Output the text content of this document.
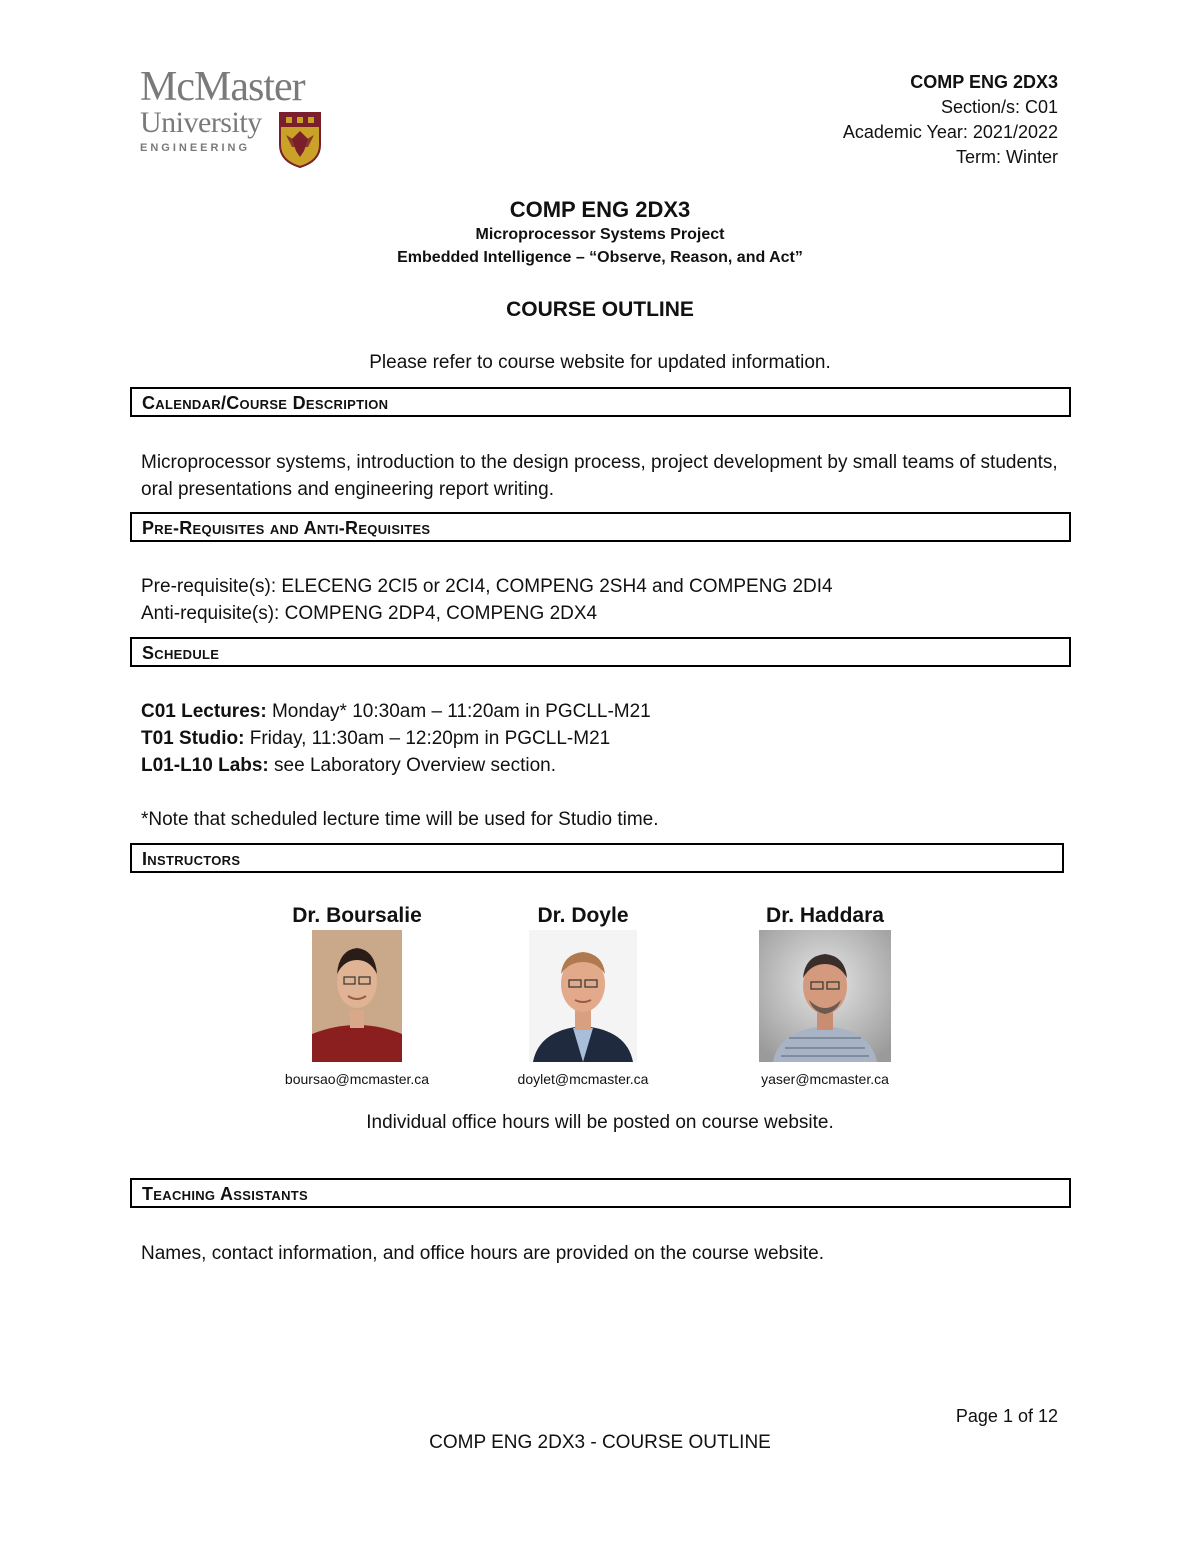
McMaster
University
ENGINEERING
COMP ENG 2DX3
Section/s: C01
Academic Year: 2021/2022
Term: Winter
COMP ENG 2DX3
Microprocessor Systems Project
Embedded Intelligence – “Observe, Reason, and Act”
COURSE OUTLINE
Please refer to course website for updated information.
Calendar/Course Description
Microprocessor systems, introduction to the design process, project development by small teams of students,
oral presentations and engineering report writing.
Pre-Requisites and Anti-Requisites
Pre-requisite(s): ELECENG 2CI5 or 2CI4, COMPENG 2SH4 and COMPENG 2DI4
Anti-requisite(s): COMPENG 2DP4, COMPENG 2DX4
Schedule
C01 Lectures: Monday* 10:30am – 11:20am in PGCLL-M21
T01 Studio: Friday, 11:30am – 12:20pm in PGCLL-M21
L01-L10 Labs: see Laboratory Overview section.
*Note that scheduled lecture time will be used for Studio time.
Instructors
Dr. Boursalie
boursao@mcmaster.ca
Dr. Doyle
doylet@mcmaster.ca
Dr. Haddara
yaser@mcmaster.ca
Individual office hours will be posted on course website.
Teaching Assistants
Names, contact information, and office hours are provided on the course website.
Page 1 of 12
COMP ENG 2DX3 - COURSE OUTLINE
